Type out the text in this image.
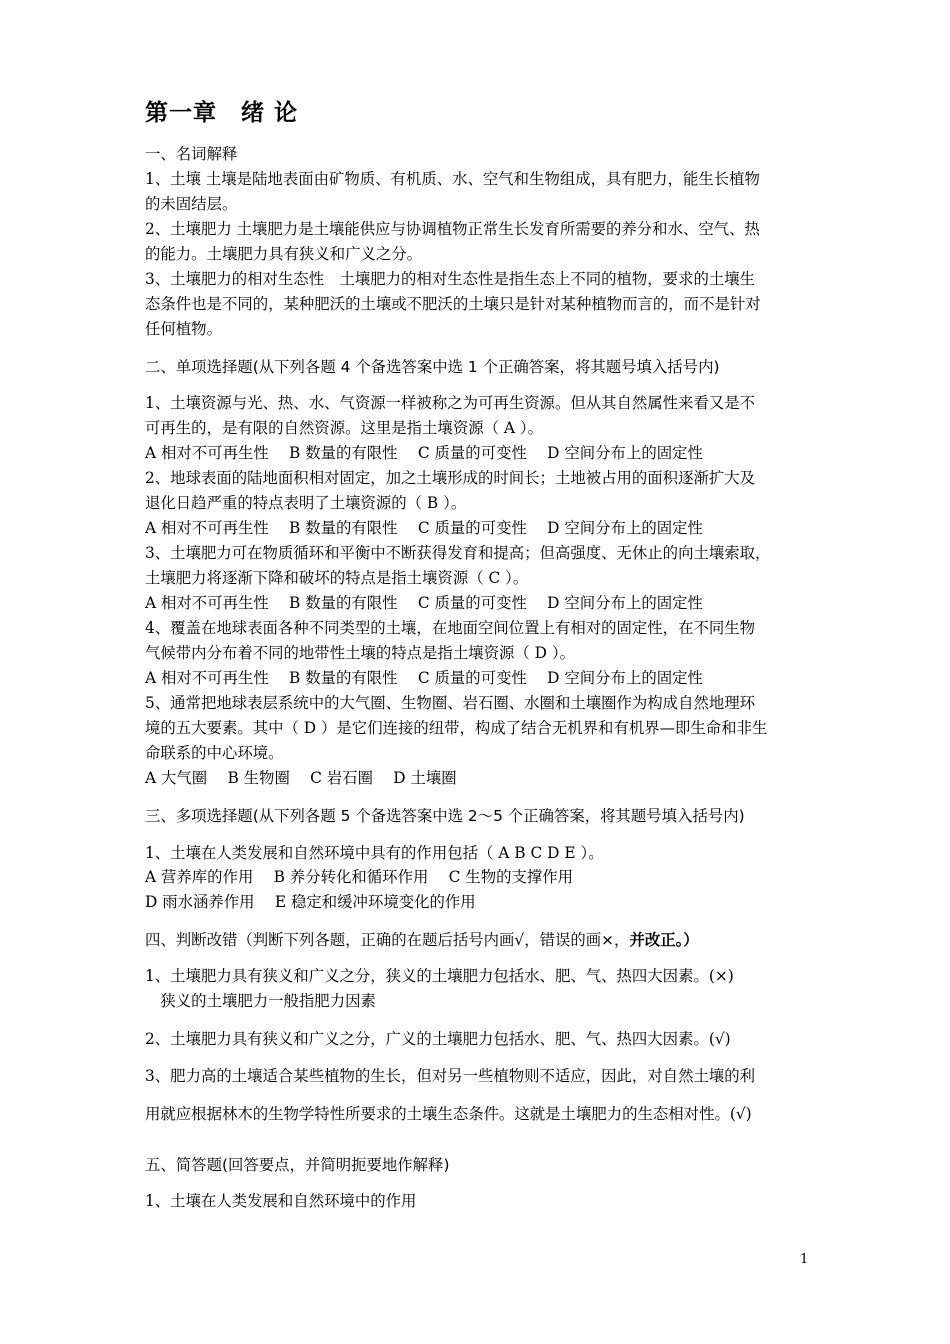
第一章　绪 论
一、名词解释
1、土壤 土壤是陆地表面由矿物质、有机质、水、空气和生物组成，具有肥力，能生长植物
的未固结层。
2、土壤肥力 土壤肥力是土壤能供应与协调植物正常生长发育所需要的养分和水、空气、热
的能力。土壤肥力具有狭义和广义之分。
3、土壤肥力的相对生态性　土壤肥力的相对生态性是指生态上不同的植物，要求的土壤生
态条件也是不同的，某种肥沃的土壤或不肥沃的土壤只是针对某种植物而言的，而不是针对
任何植物。
二、单项选择题(从下列各题 4 个备选答案中选 1 个正确答案，将其题号填入括号内)
1、土壤资源与光、热、水、气资源一样被称之为可再生资源。但从其自然属性来看又是不
可再生的，是有限的自然资源。这里是指土壤资源（ A ）。
A 相对不可再生性　 B 数量的有限性　 C 质量的可变性　 D 空间分布上的固定性
2、地球表面的陆地面积相对固定，加之土壤形成的时间长；土地被占用的面积逐渐扩大及
退化日趋严重的特点表明了土壤资源的（ B ）。
A 相对不可再生性　 B 数量的有限性　 C 质量的可变性　 D 空间分布上的固定性
3、土壤肥力可在物质循环和平衡中不断获得发育和提高；但高强度、无休止的向土壤索取，
土壤肥力将逐渐下降和破坏的特点是指土壤资源（ C ）。
A 相对不可再生性　 B 数量的有限性　 C 质量的可变性　 D 空间分布上的固定性
4、覆盖在地球表面各种不同类型的土壤，在地面空间位置上有相对的固定性，在不同生物
气候带内分布着不同的地带性土壤的特点是指土壤资源（ D ）。
A 相对不可再生性　 B 数量的有限性　 C 质量的可变性　 D 空间分布上的固定性
5、通常把地球表层系统中的大气圈、生物圈、岩石圈、水圈和土壤圈作为构成自然地理环
境的五大要素。其中（ D ）是它们连接的纽带，构成了结合无机界和有机界—即生命和非生
命联系的中心环境。
A 大气圈　 B 生物圈　 C 岩石圈　 D 土壤圈
三、多项选择题(从下列各题 5 个备选答案中选 2～5 个正确答案，将其题号填入括号内)
1、土壤在人类发展和自然环境中具有的作用包括（ A B C D E ）。
A 营养库的作用　 B 养分转化和循环作用　 C 生物的支撑作用
D 雨水涵养作用　 E 稳定和缓冲环境变化的作用
四、判断改错（判断下列各题，正确的在题后括号内画√，错误的画×，并改正。）
1、土壤肥力具有狭义和广义之分，狭义的土壤肥力包括水、肥、气、热四大因素。(×)
　狭义的土壤肥力一般指肥力因素
2、土壤肥力具有狭义和广义之分，广义的土壤肥力包括水、肥、气、热四大因素。(√)
3、肥力高的土壤适合某些植物的生长，但对另一些植物则不适应，因此，对自然土壤的利
用就应根据林木的生物学特性所要求的土壤生态条件。这就是土壤肥力的生态相对性。(√)
五、简答题(回答要点，并简明扼要地作解释)
1、土壤在人类发展和自然环境中的作用
1
